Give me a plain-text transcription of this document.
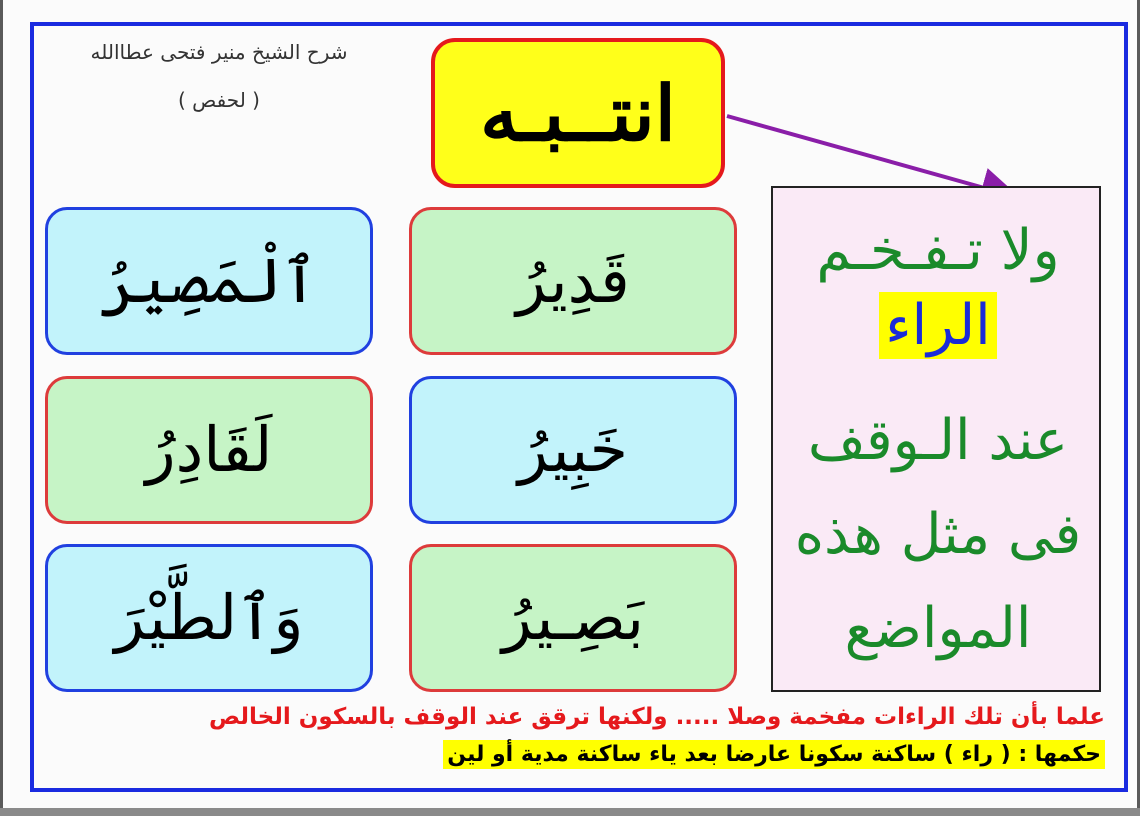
شرح الشيخ منير فتحى عطاالله
( لحفص )	انتــبـه
قَدِيرُ
خَبِيرُ
بَصِـيرُ
ٱلْمَصِيرُ
لَقَادِرُ
وَٱلطَّيْرَ
ولا تـفـخـم
الراء
عند الـوقف
فى مثل هذه
المواضع
علما بأن تلك الراءات مفخمة وصلا ..... ولكنها ترقق عند الوقف بالسكون الخالص
حكمها : ( راء ) ساكنة سكونا عارضا بعد ياء ساكنة مدية أو لين
